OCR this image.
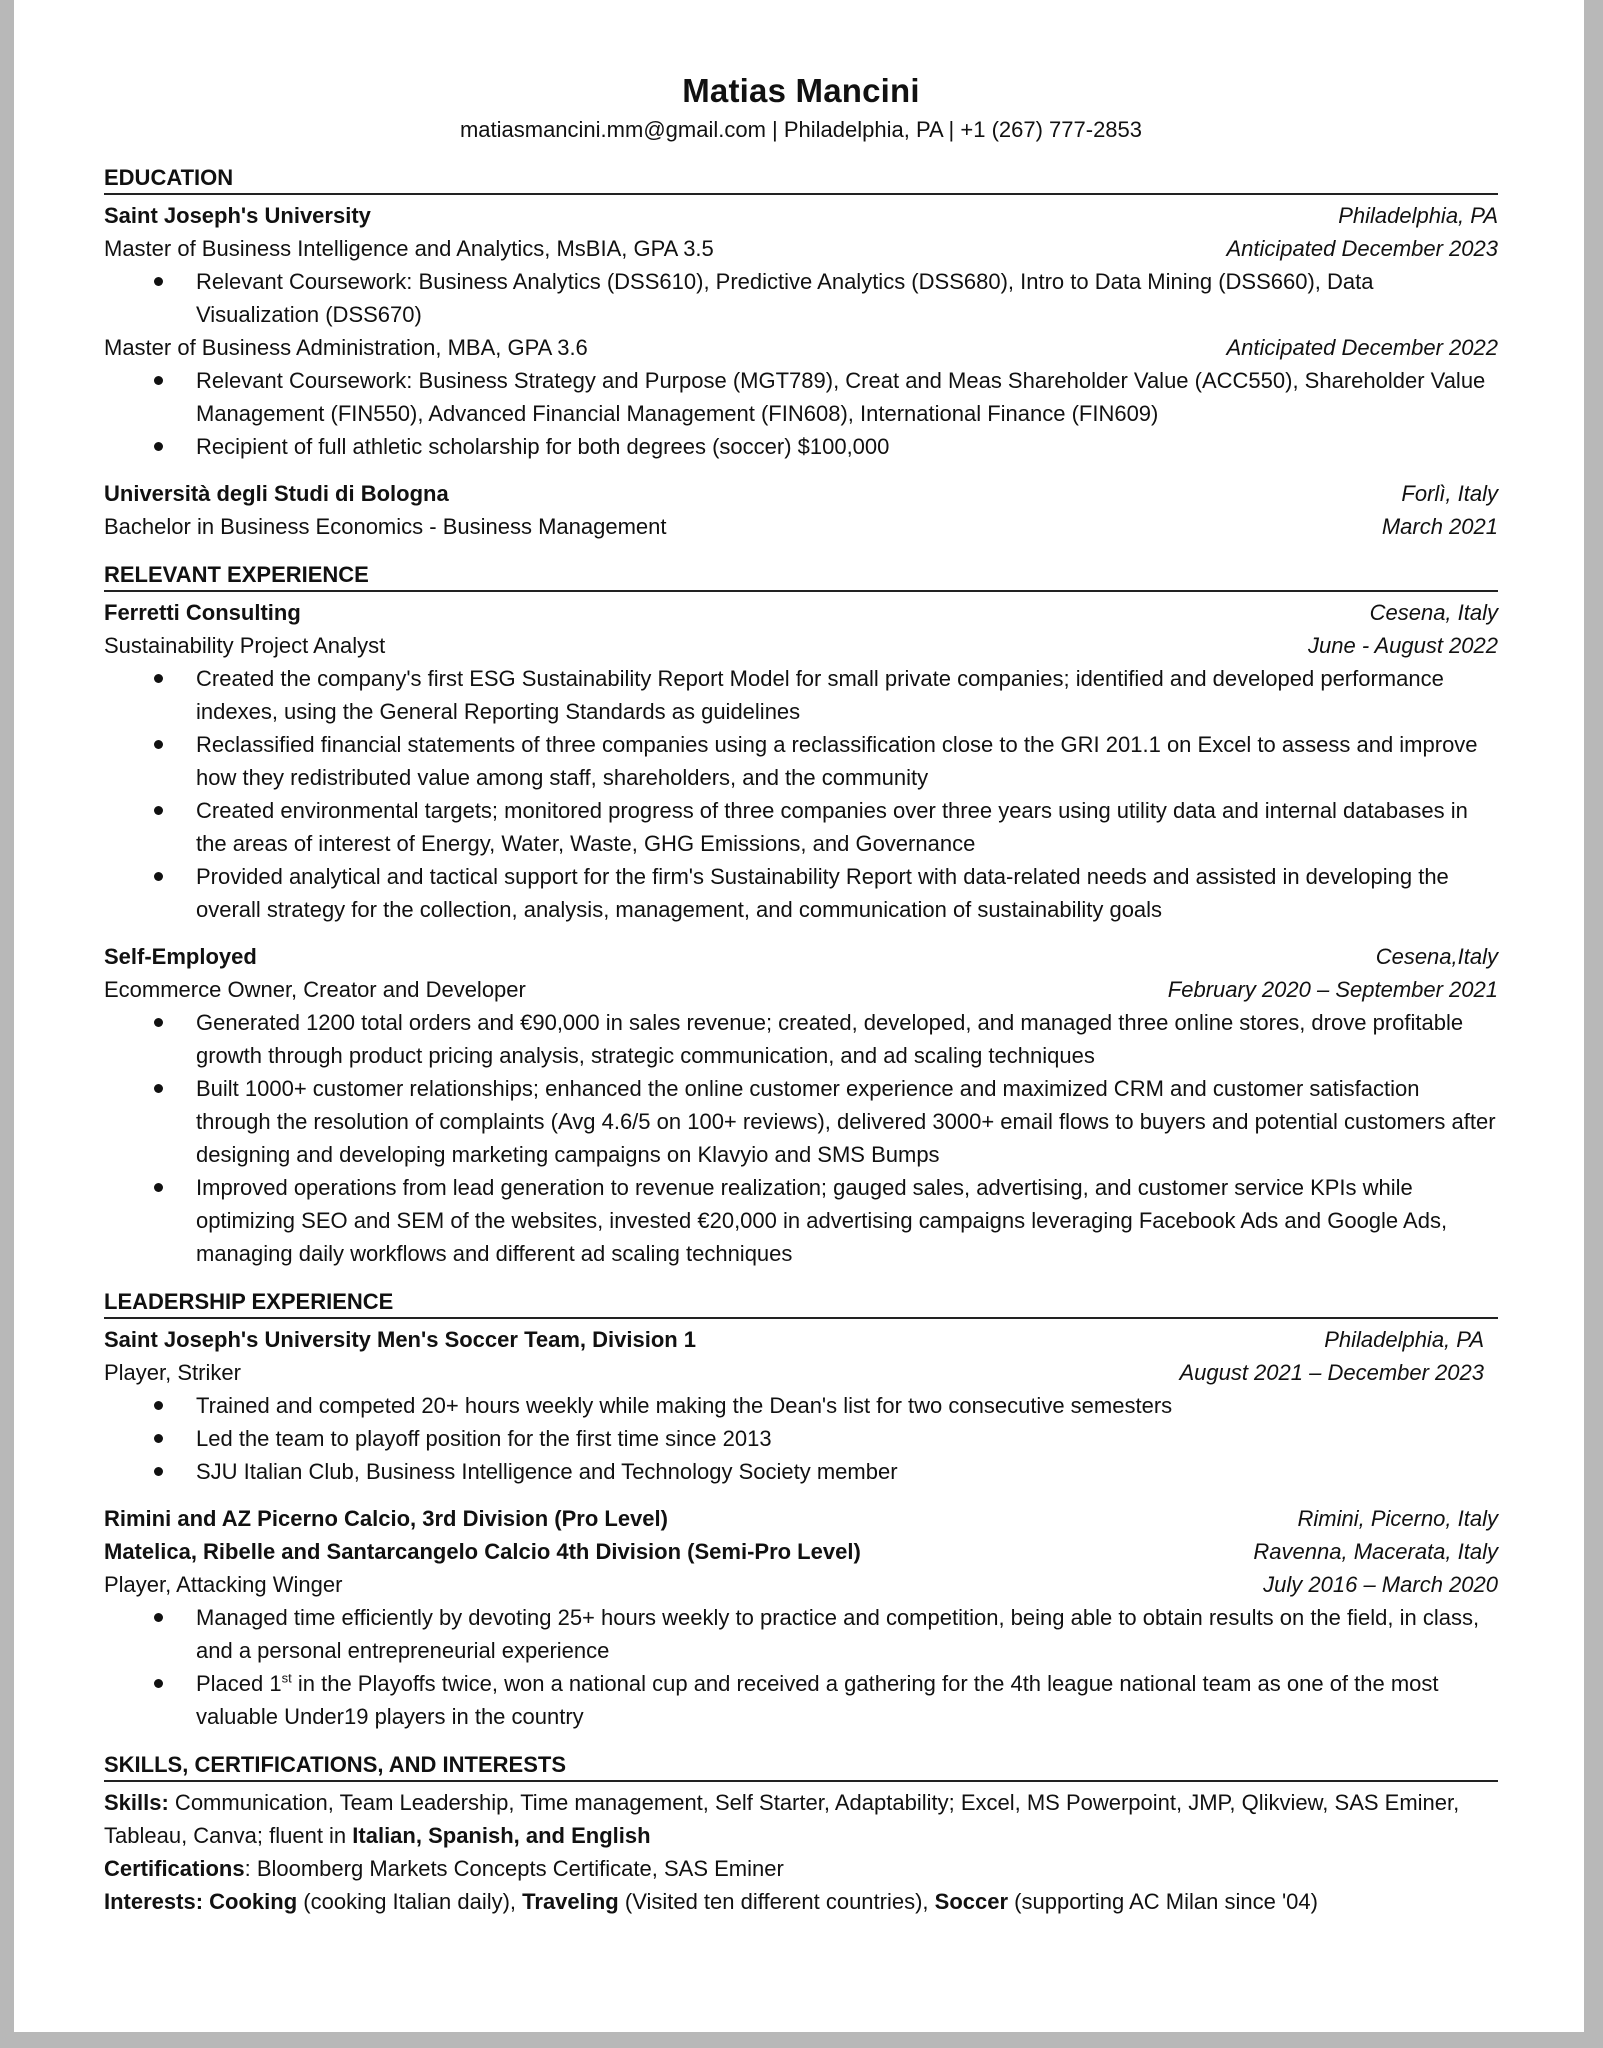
Matias Mancini
matiasmancini.mm@gmail.com | Philadelphia, PA | +1 (267) 777-2853
EDUCATION
Saint Joseph's University	Philadelphia, PA
Master of Business Intelligence and Analytics, MsBIA, GPA 3.5	Anticipated December 2023
Relevant Coursework: Business Analytics (DSS610), Predictive Analytics (DSS680), Intro to Data Mining (DSS660), Data Visualization (DSS670)
Master of Business Administration, MBA, GPA 3.6	Anticipated December 2022
Relevant Coursework: Business Strategy and Purpose (MGT789), Creat and Meas Shareholder Value (ACC550), Shareholder Value Management (FIN550), Advanced Financial Management (FIN608), International Finance (FIN609)
Recipient of full athletic scholarship for both degrees (soccer) $100,000
Università degli Studi di Bologna	Forlì, Italy
Bachelor in Business Economics - Business Management	March 2021
RELEVANT EXPERIENCE
Ferretti Consulting	Cesena, Italy
Sustainability Project Analyst	June - August 2022
Created the company's first ESG Sustainability Report Model for small private companies; identified and developed performance indexes, using the General Reporting Standards as guidelines
Reclassified financial statements of three companies using a reclassification close to the GRI 201.1 on Excel to assess and improve how they redistributed value among staff, shareholders, and the community
Created environmental targets; monitored progress of three companies over three years using utility data and internal databases in the areas of interest of Energy, Water, Waste, GHG Emissions, and Governance
Provided analytical and tactical support for the firm's Sustainability Report with data-related needs and assisted in developing the overall strategy for the collection, analysis, management, and communication of sustainability goals
Self-Employed	Cesena,Italy
Ecommerce Owner, Creator and Developer	February 2020 – September 2021
Generated 1200 total orders and €90,000 in sales revenue; created, developed, and managed three online stores, drove profitable growth through product pricing analysis, strategic communication, and ad scaling techniques
Built 1000+ customer relationships; enhanced the online customer experience and maximized CRM and customer satisfaction through the resolution of complaints (Avg 4.6/5 on 100+ reviews), delivered 3000+ email flows to buyers and potential customers after designing and developing marketing campaigns on Klavyio and SMS Bumps
Improved operations from lead generation to revenue realization; gauged sales, advertising, and customer service KPIs while optimizing SEO and SEM of the websites, invested €20,000 in advertising campaigns leveraging Facebook Ads and Google Ads, managing daily workflows and different ad scaling techniques
LEADERSHIP EXPERIENCE
Saint Joseph's University Men's Soccer Team, Division 1	Philadelphia, PA
Player, Striker	August 2021 – December 2023
Trained and competed 20+ hours weekly while making the Dean's list for two consecutive semesters
Led the team to playoff position for the first time since 2013
SJU Italian Club, Business Intelligence and Technology Society member
Rimini and AZ Picerno Calcio, 3rd Division (Pro Level)	Rimini, Picerno, Italy
Matelica, Ribelle and Santarcangelo Calcio 4th Division (Semi-Pro Level)	Ravenna, Macerata, Italy
Player, Attacking Winger	July 2016 – March 2020
Managed time efficiently by devoting 25+ hours weekly to practice and competition, being able to obtain results on the field, in class, and a personal entrepreneurial experience
Placed 1st in the Playoffs twice, won a national cup and received a gathering for the 4th league national team as one of the most valuable Under19 players in the country
SKILLS, CERTIFICATIONS, AND INTERESTS

Skills: Communication, Team Leadership, Time management, Self Starter, Adaptability; Excel, MS Powerpoint, JMP, Qlikview, SAS Eminer, Tableau, Canva; fluent in Italian, Spanish, and English

Certifications: Bloomberg Markets Concepts Certificate, SAS Eminer

Interests: Cooking (cooking Italian daily), Traveling (Visited ten different countries), Soccer (supporting AC Milan since '04)
